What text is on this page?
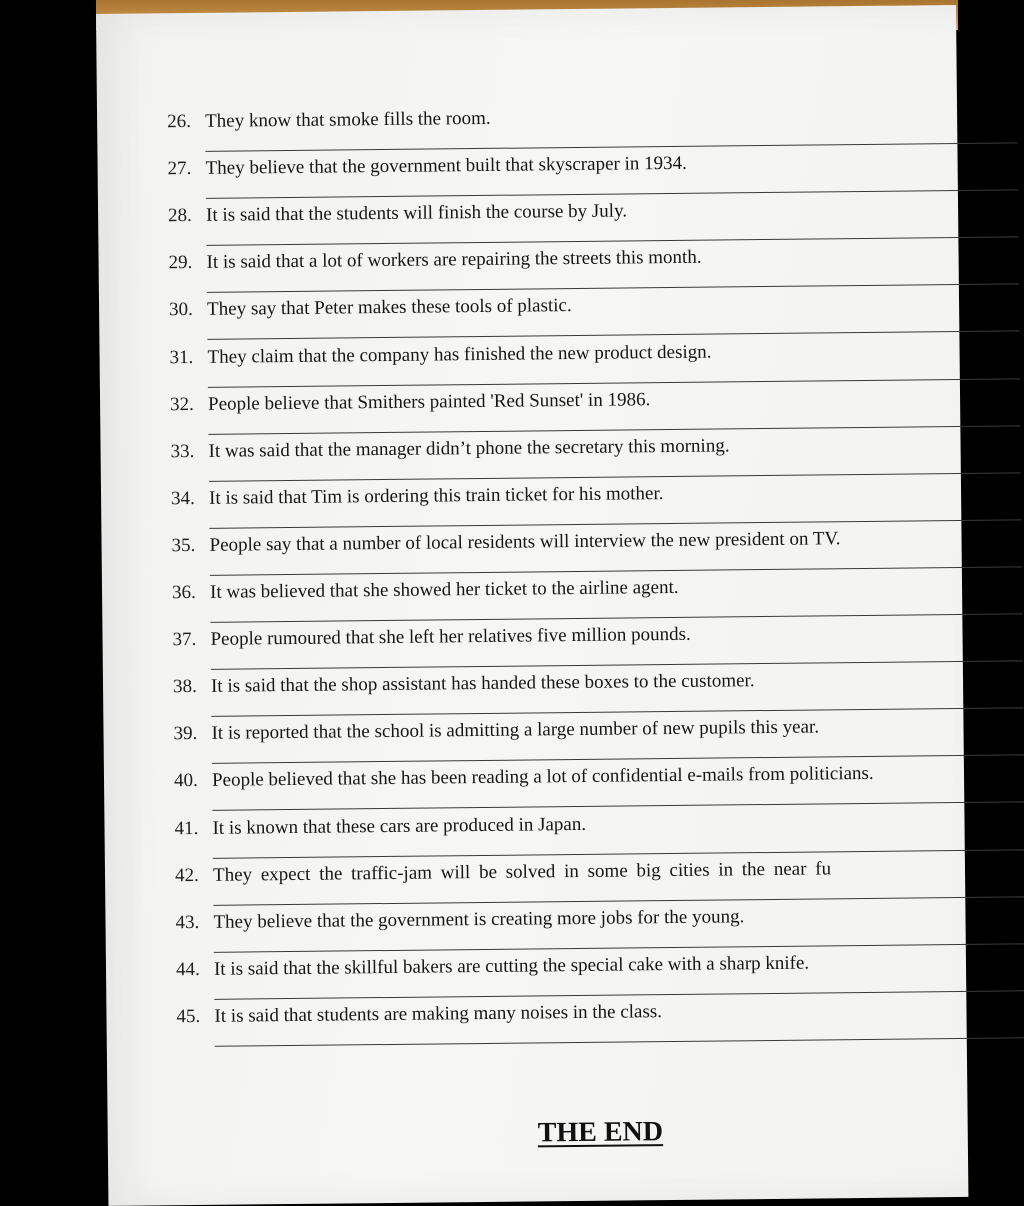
26. They know that smoke fills the room.
27. They believe that the government built that skyscraper in 1934.
28. It is said that the students will finish the course by July.
29. It is said that a lot of workers are repairing the streets this month.
30. They say that Peter makes these tools of plastic.
31. They claim that the company has finished the new product design.
32. People believe that Smithers painted 'Red Sunset' in 1986.
33. It was said that the manager didn’t phone the secretary this morning.
34. It is said that Tim is ordering this train ticket for his mother.
35. People say that a number of local residents will interview the new president on TV.
36. It was believed that she showed her ticket to the airline agent.
37. People rumoured that she left her relatives five million pounds.
38. It is said that the shop assistant has handed these boxes to the customer.
39. It is reported that the school is admitting a large number of new pupils this year.
40. People believed that she has been reading a lot of confidential e-mails from politicians.
41. It is known that these cars are produced in Japan.
42. They expect the traffic-jam will be solved in some big cities in the near fu
43. They believe that the government is creating more jobs for the young.
44. It is said that the skillful bakers are cutting the special cake with a sharp knife.
45. It is said that students are making many noises in the class.
THE END
